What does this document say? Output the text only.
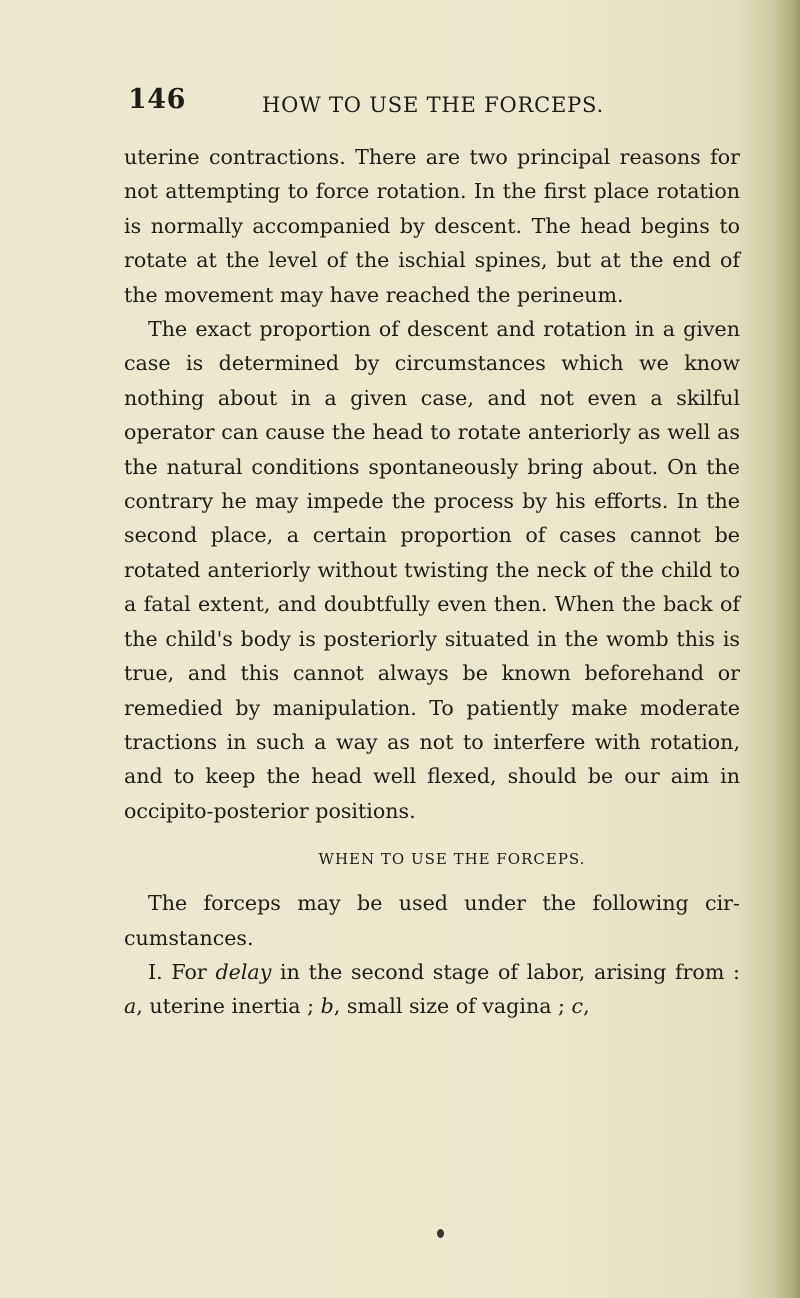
146	HOW TO USE THE FORCEPS.

uterine contractions. There are two principal reasons for not attempting to force rotation. In the first place rotation is normally accompanied by descent. The head begins to rotate at the level of the ischial spines, but at the end of the movement may have reached the perineum.

The exact proportion of descent and rotation in a given case is determined by circumstances which we know nothing about in a given case, and not even a skilful operator can cause the head to rotate anteriorly as well as the natural conditions spontaneously bring about. On the contrary he may impede the process by his efforts. In the second place, a certain proportion of cases cannot be rotated anteriorly without twisting the neck of the child to a fatal extent, and doubtfully even then. When the back of the child's body is posteriorly situated in the womb this is true, and this cannot always be known beforehand or remedied by manipulation. To patiently make moderate tractions in such a way as not to interfere with rotation, and to keep the head well flexed, should be our aim in occipito-posterior positions.

WHEN TO USE THE FORCEPS.

The forceps may be used under the following circumstances.

I. For delay in the second stage of labor, arising from : a, uterine inertia ; b, small size of vagina ; c,
